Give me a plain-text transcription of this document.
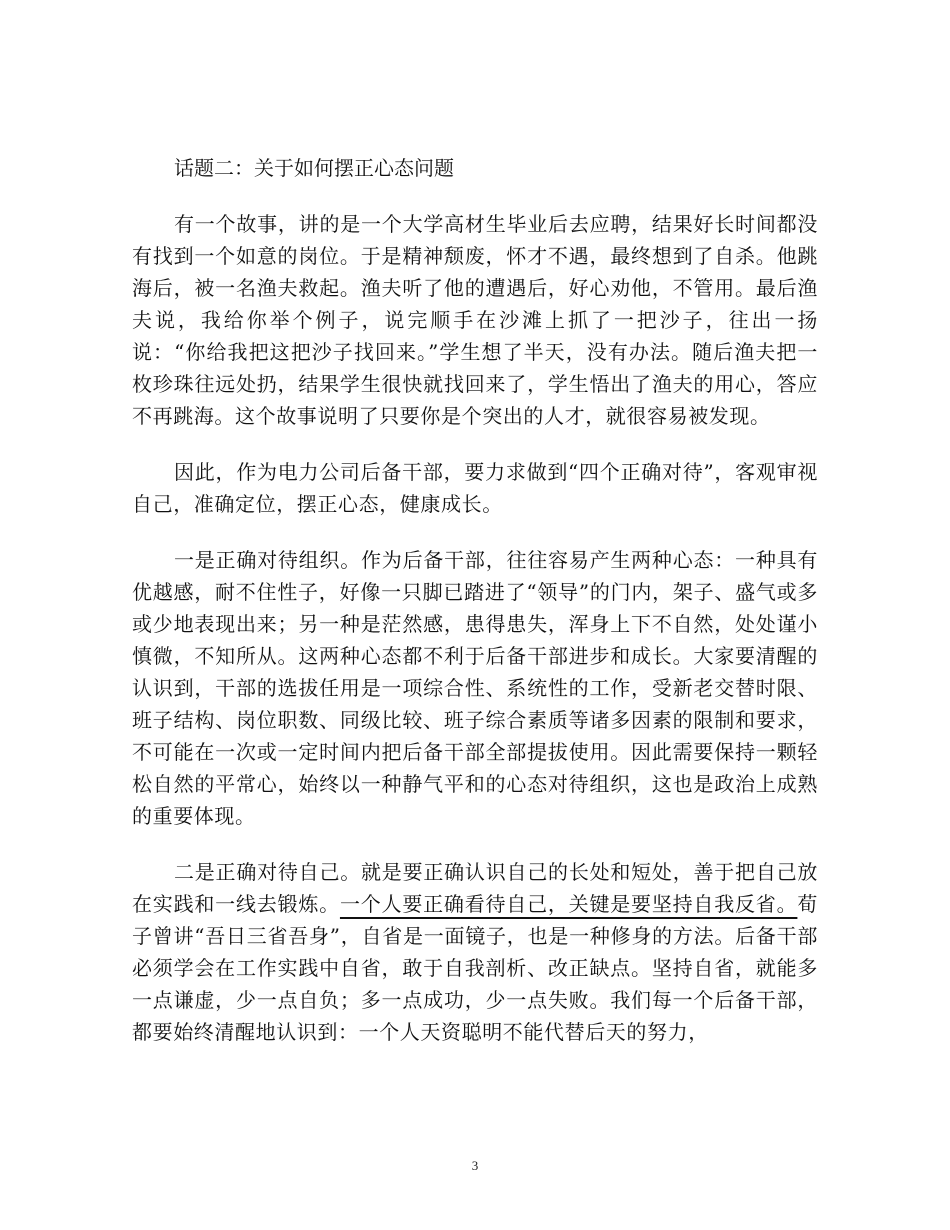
话题二：关于如何摆正心态问题

有一个故事，讲的是一个大学高材生毕业后去应聘，结果好长时间都没有找到一个如意的岗位。于是精神颓废，怀才不遇，最终想到了自杀。他跳海后，被一名渔夫救起。渔夫听了他的遭遇后，好心劝他，不管用。最后渔夫说，我给你举个例子，说完顺手在沙滩上抓了一把沙子，往出一扬说：“你给我把这把沙子找回来。”学生想了半天，没有办法。随后渔夫把一枚珍珠往远处扔，结果学生很快就找回来了，学生悟出了渔夫的用心，答应不再跳海。这个故事说明了只要你是个突出的人才，就很容易被发现。

因此，作为电力公司后备干部，要力求做到“四个正确对待”，客观审视自己，准确定位，摆正心态，健康成长。

一是正确对待组织。作为后备干部，往往容易产生两种心态：一种具有优越感，耐不住性子，好像一只脚已踏进了“领导”的门内，架子、盛气或多或少地表现出来；另一种是茫然感，患得患失，浑身上下不自然，处处谨小慎微，不知所从。这两种心态都不利于后备干部进步和成长。大家要清醒的认识到，干部的选拔任用是一项综合性、系统性的工作，受新老交替时限、班子结构、岗位职数、同级比较、班子综合素质等诸多因素的限制和要求，不可能在一次或一定时间内把后备干部全部提拔使用。因此需要保持一颗轻松自然的平常心，始终以一种静气平和的心态对待组织，这也是政治上成熟的重要体现。

二是正确对待自己。就是要正确认识自己的长处和短处，善于把自己放在实践和一线去锻炼。一个人要正确看待自己，关键是要坚持自我反省。荀子曾讲“吾日三省吾身”，自省是一面镜子，也是一种修身的方法。后备干部必须学会在工作实践中自省，敢于自我剖析、改正缺点。坚持自省，就能多一点谦虚，少一点自负；多一点成功，少一点失败。我们每一个后备干部，都要始终清醒地认识到：一个人天资聪明不能代替后天的努力，

3
